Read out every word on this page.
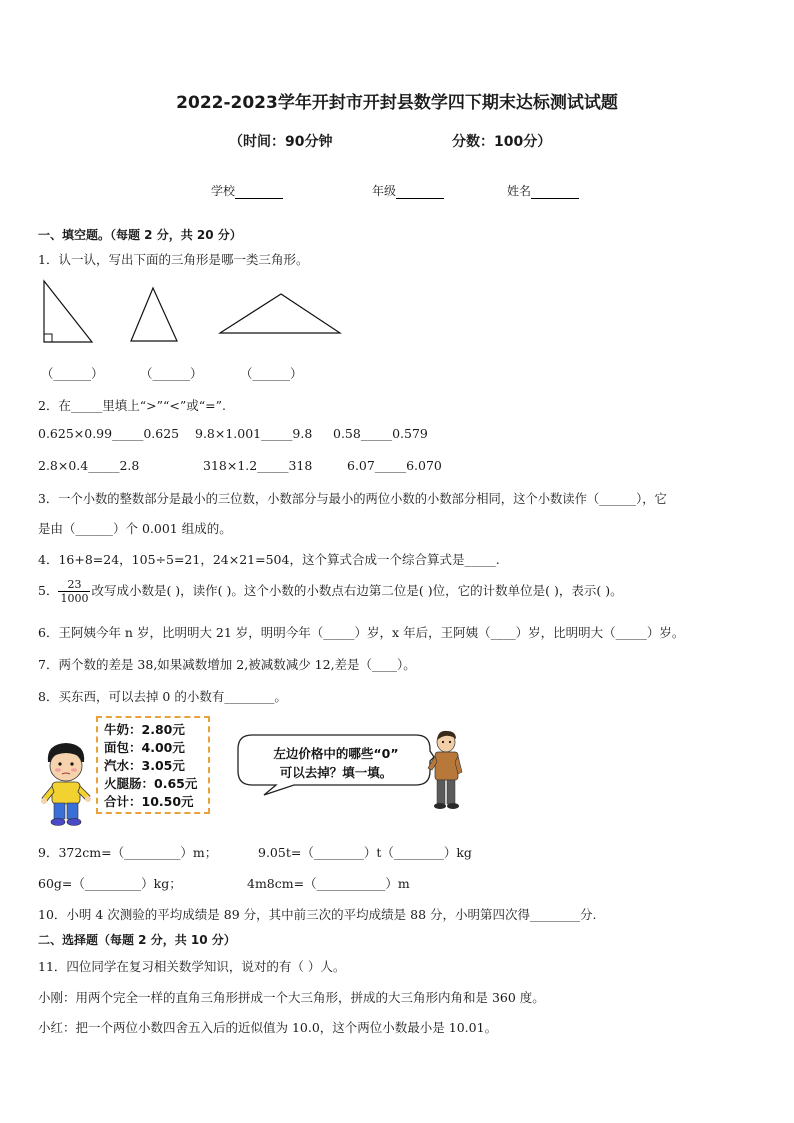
2022-2023学年开封市开封县数学四下期末达标测试试题
（时间：90分钟	分数：100分）
学校	年级	姓名
一、填空题。（每题 2 分，共 20 分）
1．认一认，写出下面的三角形是哪一类三角形。
（______）	（______）	（______）
2．在_____里填上“>”“<”或“=”.
0.625×0.99_____0.625 9.8×1.001_____9.8 0.58_____0.579
2.8×0.4_____2.8	318×1.2_____318	6.07_____6.070
3．一个小数的整数部分是最小的三位数，小数部分与最小的两位小数的小数部分相同，这个小数读作（______），它
是由（______）个 0.001 组成的。
4．16+8=24，105÷5=21，24×21=504，这个算式合成一个综合算式是_____.
5． $\frac{23}{1000}$ 改写成小数是( )，读作( )。这个小数的小数点右边第二位是( )位，它的计数单位是( )，表示( )。
6．王阿姨今年 n 岁，比明明大 21 岁，明明今年（_____）岁，x 年后，王阿姨（____）岁，比明明大（_____）岁。
7．两个数的差是 38,如果减数增加 2,被减数减少 12,差是（____）。
8．买东西，可以去掉 0 的小数有________。
牛奶：2.80元
面包：4.00元
汽水：3.05元
火腿肠：0.65元
合计：10.50元
左边价格中的哪些“0”
可以去掉？填一填。
9．372cm=（_________）m；	9.05t=（________）t（________）kg
60g=（_________）kg；	4m8cm=（___________）m
10．小明 4 次测验的平均成绩是 89 分，其中前三次的平均成绩是 88 分，小明第四次得________分.
二、选择题（每题 2 分，共 10 分）
11．四位同学在复习相关数学知识，说对的有（ ）人。
小刚：用两个完全一样的直角三角形拼成一个大三角形，拼成的大三角形内角和是 360 度。
小红：把一个两位小数四舍五入后的近似值为 10.0，这个两位小数最小是 10.01。
